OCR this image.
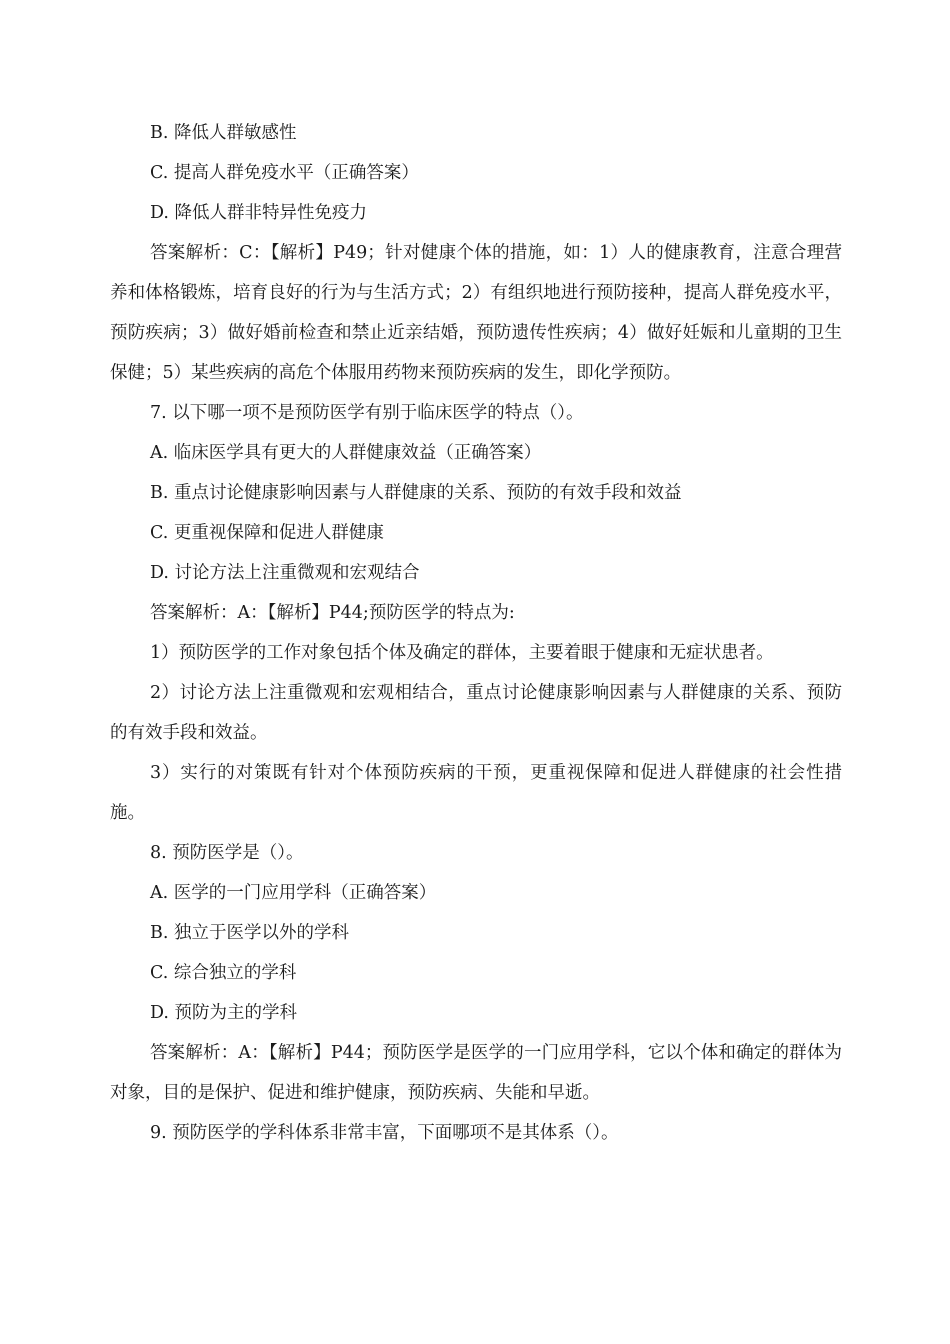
B. 降低人群敏感性

C. 提高人群免疫水平（正确答案）

D. 降低人群非特异性免疫力

答案解析：C：【解析】P49；针对健康个体的措施，如：1）人的健康教育，注意合理营养和体格锻炼，培育良好的行为与生活方式；2）有组织地进行预防接种，提高人群免疫水平，预防疾病；3）做好婚前检查和禁止近亲结婚，预防遗传性疾病；4）做好妊娠和儿童期的卫生保健；5）某些疾病的高危个体服用药物来预防疾病的发生，即化学预防。

7. 以下哪一项不是预防医学有别于临床医学的特点（）。

A. 临床医学具有更大的人群健康效益（正确答案）

B. 重点讨论健康影响因素与人群健康的关系、预防的有效手段和效益

C. 更重视保障和促进人群健康

D. 讨论方法上注重微观和宏观结合

答案解析：A：【解析】P44;预防医学的特点为:

1）预防医学的工作对象包括个体及确定的群体，主要着眼于健康和无症状患者。

2）讨论方法上注重微观和宏观相结合，重点讨论健康影响因素与人群健康的关系、预防的有效手段和效益。

3）实行的对策既有针对个体预防疾病的干预，更重视保障和促进人群健康的社会性措施。

8. 预防医学是（）。

A. 医学的一门应用学科（正确答案）

B. 独立于医学以外的学科

C. 综合独立的学科

D. 预防为主的学科

答案解析：A：【解析】P44；预防医学是医学的一门应用学科，它以个体和确定的群体为对象，目的是保护、促进和维护健康，预防疾病、失能和早逝。

9. 预防医学的学科体系非常丰富，下面哪项不是其体系（）。
